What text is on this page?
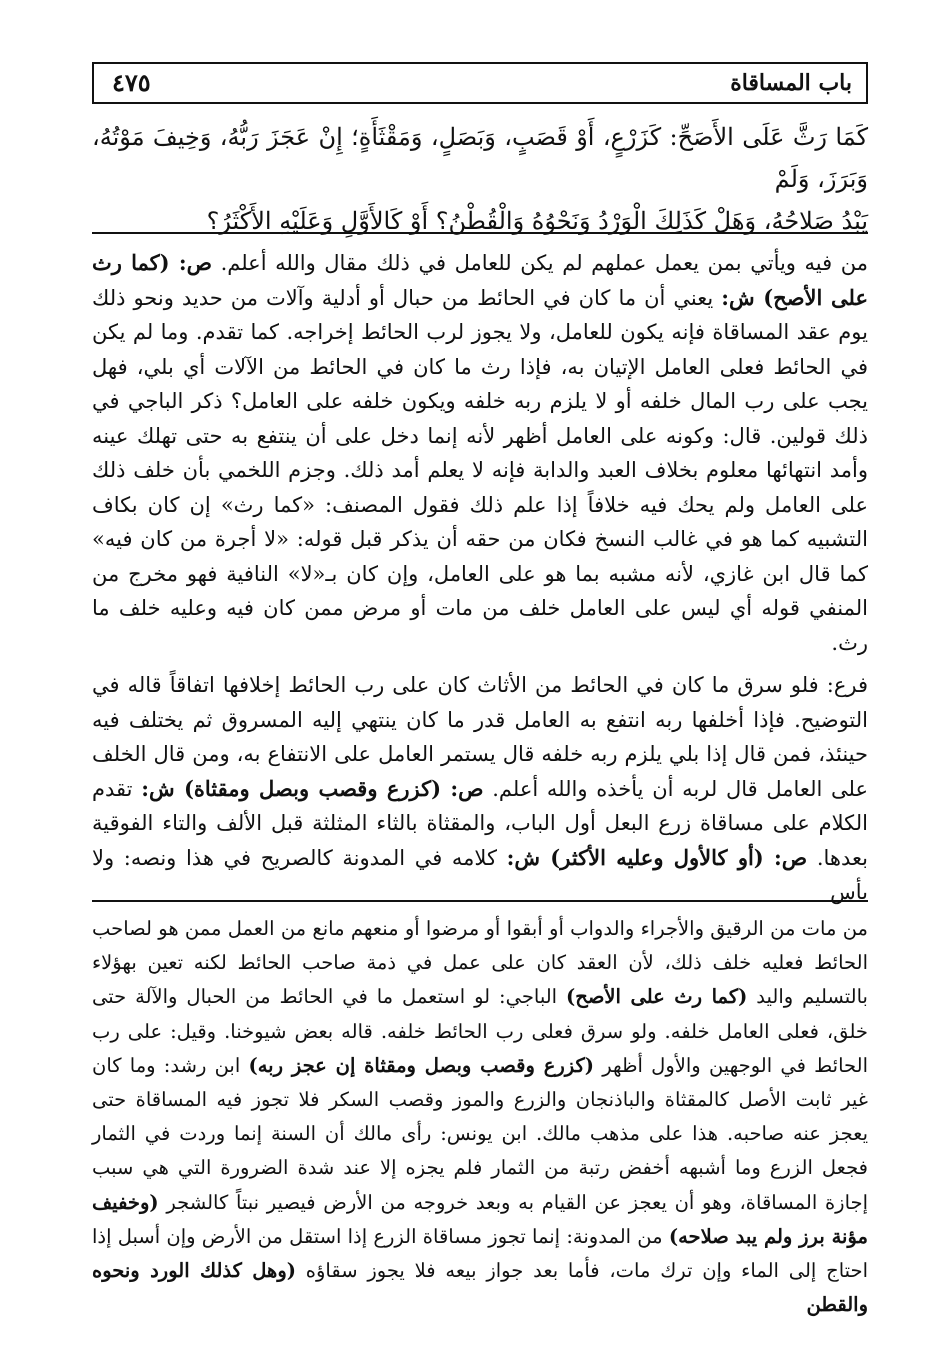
باب المساقاة
٤٧٥

كَمَا رَثَّ عَلَى الأَصَحِّ: كَزَرْعٍ، أَوْ قَصَبٍ، وَبَصَلٍ، وَمَقْثَأَةٍ؛ إِنْ عَجَزَ رَبُّهُ، وَخِيفَ مَوْتُهُ، وَبَرَزَ، وَلَمْ

يَبْدُ صَلاحُهُ، وَهَلْ كَذَلِكَ الْوَرْدُ وَنَحْوُهُ وَالْقُطْنُ؟ أَوْ كَالأَوَّلِ وَعَلَيْهِ الأَكْثَرُ؟

من فيه ويأتي بمن يعمل عملهم لم يكن للعامل في ذلك مقال والله أعلم. ص: (كما رث على الأصح) ش: يعني أن ما كان في الحائط من حبال أو أدلية وآلات من حديد ونحو ذلك يوم عقد المساقاة فإنه يكون للعامل، ولا يجوز لرب الحائط إخراجه. كما تقدم. وما لم يكن في الحائط فعلى العامل الإتيان به، فإذا رث ما كان في الحائط من الآلات أي بلي، فهل يجب على رب المال خلفه أو لا يلزم ربه خلفه ويكون خلفه على العامل؟ ذكر الباجي في ذلك قولين. قال: وكونه على العامل أظهر لأنه إنما دخل على أن ينتفع به حتى تهلك عينه وأمد انتهائها معلوم بخلاف العبد والدابة فإنه لا يعلم أمد ذلك. وجزم اللخمي بأن خلف ذلك على العامل ولم يحك فيه خلافاً إذا علم ذلك فقول المصنف: «كما رث» إن كان بكاف التشبيه كما هو في غالب النسخ فكان من حقه أن يذكر قبل قوله: «لا أجرة من كان فيه» كما قال ابن غازي، لأنه مشبه بما هو على العامل، وإن كان بـ«لا» النافية فهو مخرج من المنفي قوله أي ليس على العامل خلف من مات أو مرض ممن كان فيه وعليه خلف ما رث.

فرع: فلو سرق ما كان في الحائط من الأثاث كان على رب الحائط إخلافها اتفاقاً قاله في التوضيح. فإذا أخلفها ربه انتفع به العامل قدر ما كان ينتهي إليه المسروق ثم يختلف فيه حينئذ، فمن قال إذا بلي يلزم ربه خلفه قال يستمر العامل على الانتفاع به، ومن قال الخلف على العامل قال لربه أن يأخذه والله أعلم. ص: (كزرع وقصب وبصل ومقثاة) ش: تقدم الكلام على مساقاة زرع البعل أول الباب، والمقثاة بالثاء المثلثة قبل الألف والتاء الفوقية بعدها. ص: (أو كالأول وعليه الأكثر) ش: كلامه في المدونة كالصريح في هذا ونصه: ولا بأس

من مات من الرقيق والأجراء والدواب أو أبقوا أو مرضوا أو منعهم مانع من العمل ممن هو لصاحب الحائط فعليه خلف ذلك، لأن العقد كان على عمل في ذمة صاحب الحائط لكنه تعين بهؤلاء بالتسليم واليد (كما رث على الأصح) الباجي: لو استعمل ما في الحائط من الحبال والآلة حتى خلق، فعلى العامل خلفه. ولو سرق فعلى رب الحائط خلفه. قاله بعض شيوخنا. وقيل: على رب الحائط في الوجهين والأول أظهر (كزرع وقصب وبصل ومقثاة إن عجز ربه) ابن رشد: وما كان غير ثابت الأصل كالمقثاة والباذنجان والزرع والموز وقصب السكر فلا تجوز فيه المساقاة حتى يعجز عنه صاحبه. هذا على مذهب مالك. ابن يونس: رأى مالك أن السنة إنما وردت في الثمار فجعل الزرع وما أشبهه أخفض رتبة من الثمار فلم يجزه إلا عند شدة الضرورة التي هي سبب إجازة المساقاة، وهو أن يعجز عن القيام به وبعد خروجه من الأرض فيصير نبتاً كالشجر (وخفيف مؤنة برز ولم يبد صلاحه) من المدونة: إنما تجوز مساقاة الزرع إذا استقل من الأرض وإن أسبل إذا احتاج إلى الماء وإن ترك مات، فأما بعد جواز بيعه فلا يجوز سقاؤه (وهل كذلك الورد ونحوه والقطن
